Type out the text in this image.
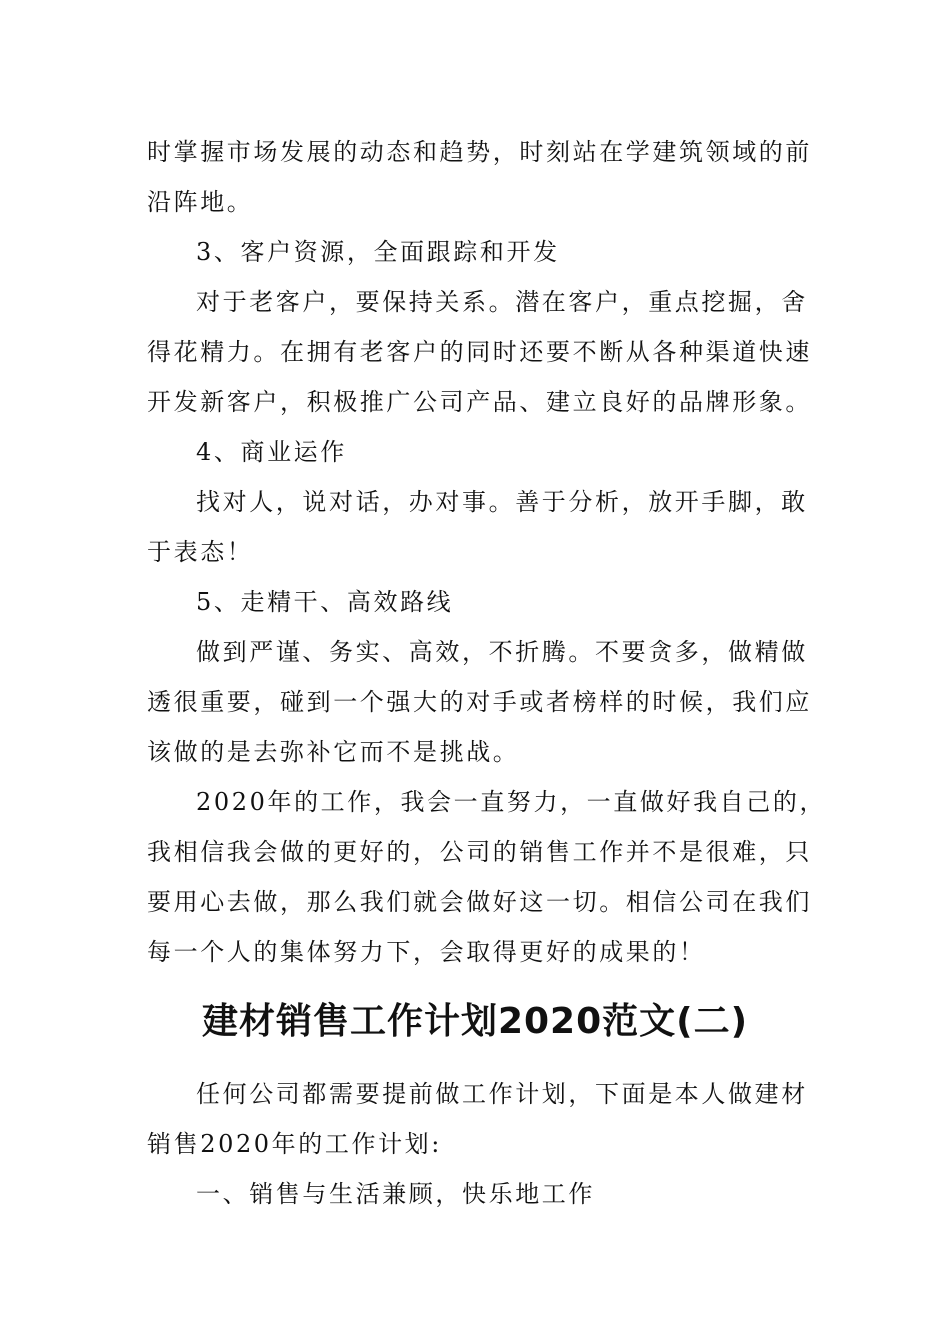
时掌握市场发展的动态和趋势，时刻站在学建筑领域的前
沿阵地。
3、客户资源，全面跟踪和开发
对于老客户，要保持关系。潜在客户，重点挖掘，舍
得花精力。在拥有老客户的同时还要不断从各种渠道快速
开发新客户，积极推广公司产品、建立良好的品牌形象。
4、商业运作
找对人，说对话，办对事。善于分析，放开手脚，敢
于表态！
5、走精干、高效路线
做到严谨、务实、高效，不折腾。不要贪多，做精做
透很重要，碰到一个强大的对手或者榜样的时候，我们应
该做的是去弥补它而不是挑战。
2020年的工作，我会一直努力，一直做好我自己的，
我相信我会做的更好的，公司的销售工作并不是很难，只
要用心去做，那么我们就会做好这一切。相信公司在我们
每一个人的集体努力下，会取得更好的成果的！
建材销售工作计划2020范文(二)
任何公司都需要提前做工作计划，下面是本人做建材
销售2020年的工作计划:
一、销售与生活兼顾，快乐地工作
